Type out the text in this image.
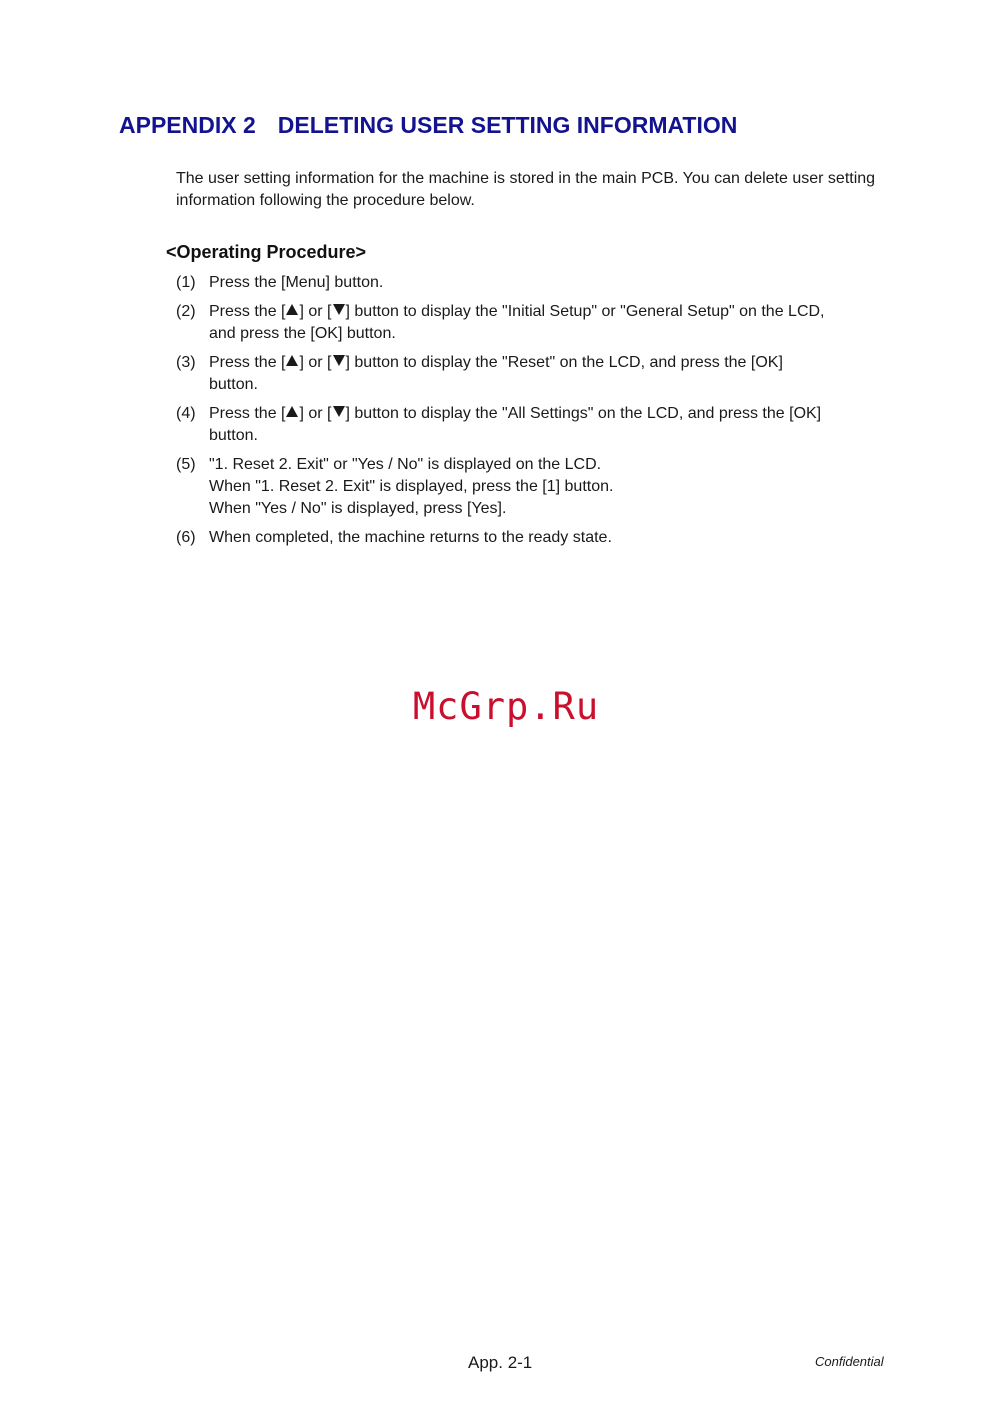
APPENDIX 2 DELETING USER SETTING INFORMATION

The user setting information for the machine is stored in the main PCB. You can delete user setting information following the procedure below.

<Operating Procedure>
(1) Press the [Menu] button.
(2) Press the [ ] or [ ] button to display the "Initial Setup" or "General Setup" on the LCD,
and press the [OK] button.
(3) Press the [ ] or [ ] button to display the "Reset" on the LCD, and press the [OK]
button.
(4) Press the [ ] or [ ] button to display the "All Settings" on the LCD, and press the [OK]
button.
(5) "1. Reset 2. Exit" or "Yes / No" is displayed on the LCD.
When "1. Reset 2. Exit" is displayed, press the [1] button.
When "Yes / No" is displayed, press [Yes].
(6) When completed, the machine returns to the ready state.
McGrp.Ru
App. 2-1	Confidential
